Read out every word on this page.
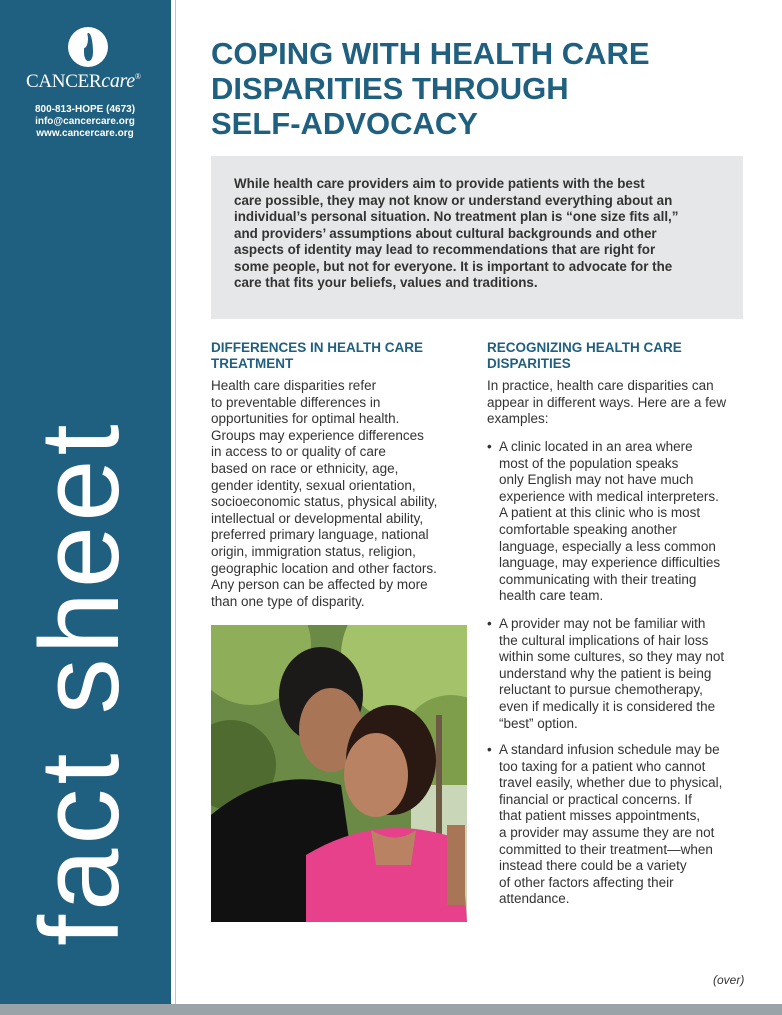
CANCERcare®
800-813-HOPE (4673)
info@cancercare.org
www.cancercare.org
fact sheet
COPING WITH HEALTH CARE
DISPARITIES THROUGH
SELF-ADVOCACY
While health care providers aim to provide patients with the best
care possible, they may not know or understand everything about an
individual’s personal situation. No treatment plan is “one size fits all,”
and providers’ assumptions about cultural backgrounds and other
aspects of identity may lead to recommendations that are right for
some people, but not for everyone. It is important to advocate for the
care that fits your beliefs, values and traditions.
DIFFERENCES IN HEALTH CARE
TREATMENT
Health care disparities refer
to preventable differences in
opportunities for optimal health.
Groups may experience differences
in access to or quality of care
based on race or ethnicity, age,
gender identity, sexual orientation,
socioeconomic status, physical ability,
intellectual or developmental ability,
preferred primary language, national
origin, immigration status, religion,
geographic location and other factors.
Any person can be affected by more
than one type of disparity.
RECOGNIZING HEALTH CARE
DISPARITIES
In practice, health care disparities can
appear in different ways. Here are a few
examples:
• A clinic located in an area where
most of the population speaks
only English may not have much
experience with medical interpreters.
A patient at this clinic who is most
comfortable speaking another
language, especially a less common
language, may experience difficulties
communicating with their treating
health care team.
• A provider may not be familiar with
the cultural implications of hair loss
within some cultures, so they may not
understand why the patient is being
reluctant to pursue chemotherapy,
even if medically it is considered the
“best” option.
• A standard infusion schedule may be
too taxing for a patient who cannot
travel easily, whether due to physical,
financial or practical concerns. If
that patient misses appointments,
a provider may assume they are not
committed to their treatment—when
instead there could be a variety
of other factors affecting their
attendance.
(over)
